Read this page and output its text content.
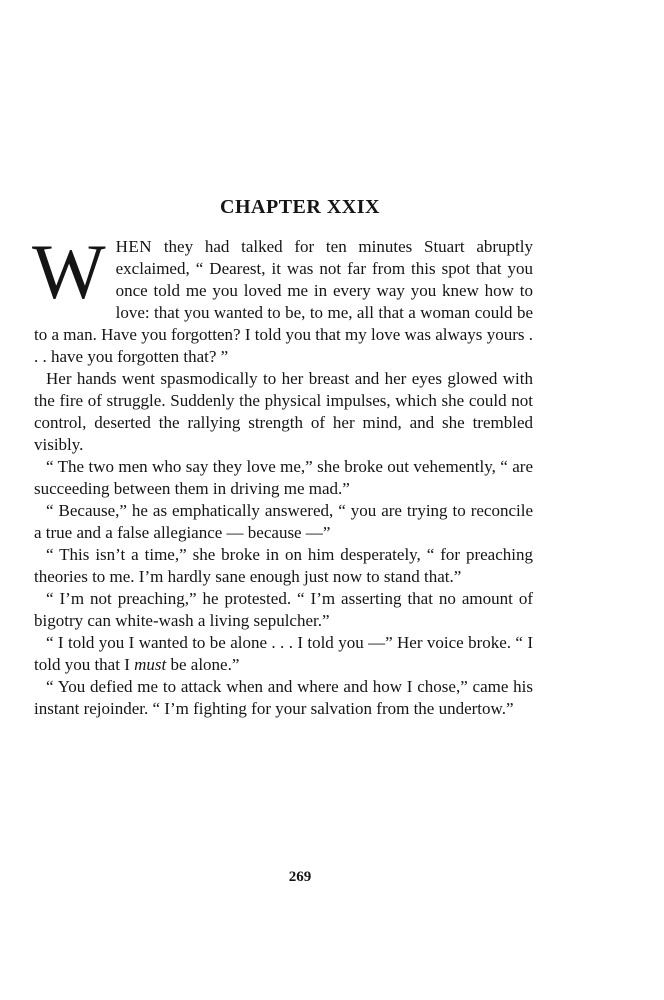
CHAPTER XXIX

WHEN they had talked for ten minutes Stuart abruptly exclaimed, “ Dearest, it was not far from this spot that you once told me you loved me in every way you knew how to love: that you wanted to be, to me, all that a woman could be to a man. Have you forgotten? I told you that my love was always yours . . . have you forgotten that? ”

Her hands went spasmodically to her breast and her eyes glowed with the fire of struggle. Suddenly the physical impulses, which she could not control, deserted the rallying strength of her mind, and she trembled visibly.

“ The two men who say they love me,” she broke out vehemently, “ are succeeding between them in driving me mad.”

“ Because,” he as emphatically answered, “ you are trying to reconcile a true and a false allegiance — because —”

“ This isn’t a time,” she broke in on him desperately, “ for preaching theories to me. I’m hardly sane enough just now to stand that.”

“ I’m not preaching,” he protested. “ I’m asserting that no amount of bigotry can white-wash a living sepulcher.”

“ I told you I wanted to be alone . . . I told you —” Her voice broke. “ I told you that I must be alone.”

“ You defied me to attack when and where and how I chose,” came his instant rejoinder. “ I’m fighting for your salvation from the undertow.”

269
